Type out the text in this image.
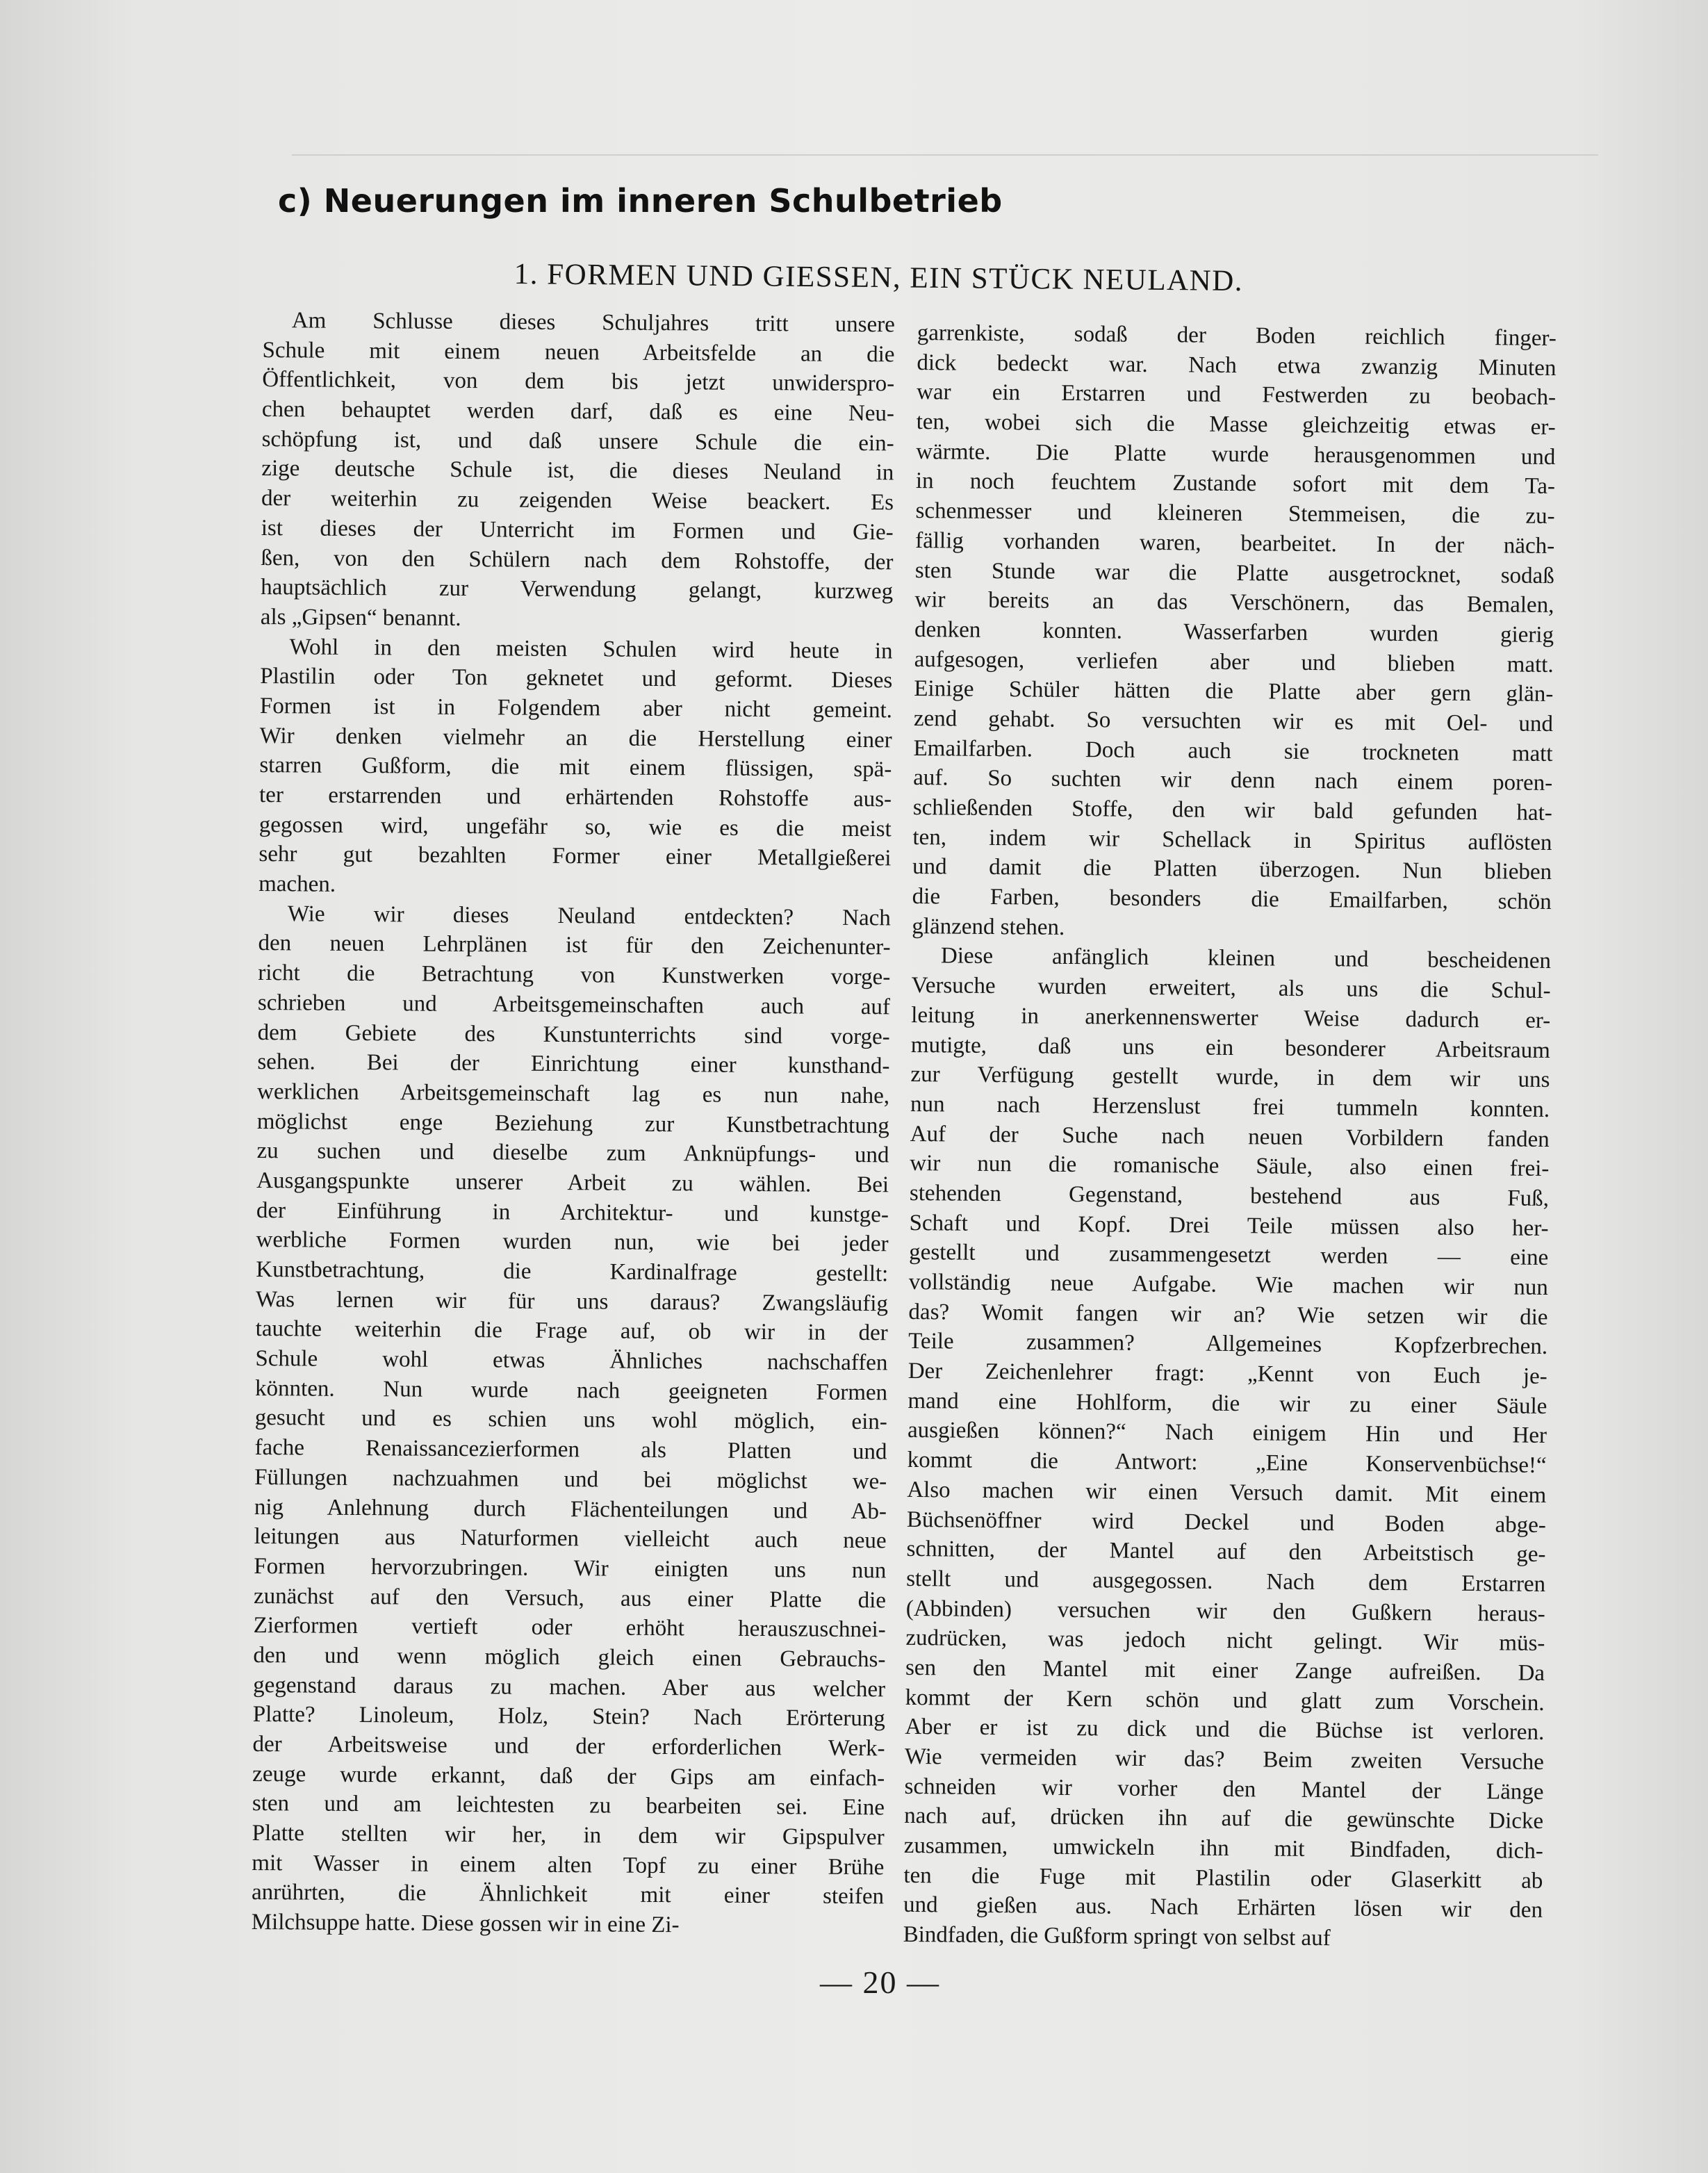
c) Neuerungen im inneren Schulbetrieb
1. FORMEN UND GIESSEN, EIN STÜCK NEULAND.
Am Schlusse dieses Schuljahres tritt unsere
Schule mit einem neuen Arbeitsfelde an die
Öffentlichkeit, von dem bis jetzt unwiderspro-
chen behauptet werden darf, daß es eine Neu-
schöpfung ist, und daß unsere Schule die ein-
zige deutsche Schule ist, die dieses Neuland in
der weiterhin zu zeigenden Weise beackert. Es
ist dieses der Unterricht im Formen und Gie-
ßen, von den Schülern nach dem Rohstoffe, der
hauptsächlich zur Verwendung gelangt, kurzweg
als „Gipsen“ benannt.
Wohl in den meisten Schulen wird heute in
Plastilin oder Ton geknetet und geformt. Dieses
Formen ist in Folgendem aber nicht gemeint.
Wir denken vielmehr an die Herstellung einer
starren Gußform, die mit einem flüssigen, spä-
ter erstarrenden und erhärtenden Rohstoffe aus-
gegossen wird, ungefähr so, wie es die meist
sehr gut bezahlten Former einer Metallgießerei
machen.
Wie wir dieses Neuland entdeckten? Nach
den neuen Lehrplänen ist für den Zeichenunter-
richt die Betrachtung von Kunstwerken vorge-
schrieben und Arbeitsgemeinschaften auch auf
dem Gebiete des Kunstunterrichts sind vorge-
sehen. Bei der Einrichtung einer kunsthand-
werklichen Arbeitsgemeinschaft lag es nun nahe,
möglichst enge Beziehung zur Kunstbetrachtung
zu suchen und dieselbe zum Anknüpfungs- und
Ausgangspunkte unserer Arbeit zu wählen. Bei
der Einführung in Architektur- und kunstge-
werbliche Formen wurden nun, wie bei jeder
Kunstbetrachtung, die Kardinalfrage gestellt:
Was lernen wir für uns daraus? Zwangsläufig
tauchte weiterhin die Frage auf, ob wir in der
Schule wohl etwas Ähnliches nachschaffen
könnten. Nun wurde nach geeigneten Formen
gesucht und es schien uns wohl möglich, ein-
fache Renaissancezierformen als Platten und
Füllungen nachzuahmen und bei möglichst we-
nig Anlehnung durch Flächenteilungen und Ab-
leitungen aus Naturformen vielleicht auch neue
Formen hervorzubringen. Wir einigten uns nun
zunächst auf den Versuch, aus einer Platte die
Zierformen vertieft oder erhöht herauszuschnei-
den und wenn möglich gleich einen Gebrauchs-
gegenstand daraus zu machen. Aber aus welcher
Platte? Linoleum, Holz, Stein? Nach Erörterung
der Arbeitsweise und der erforderlichen Werk-
zeuge wurde erkannt, daß der Gips am einfach-
sten und am leichtesten zu bearbeiten sei. Eine
Platte stellten wir her, in dem wir Gipspulver
mit Wasser in einem alten Topf zu einer Brühe
anrührten, die Ähnlichkeit mit einer steifen
Milchsuppe hatte. Diese gossen wir in eine Zi-
garrenkiste, sodaß der Boden reichlich finger-
dick bedeckt war. Nach etwa zwanzig Minuten
war ein Erstarren und Festwerden zu beobach-
ten, wobei sich die Masse gleichzeitig etwas er-
wärmte. Die Platte wurde herausgenommen und
in noch feuchtem Zustande sofort mit dem Ta-
schenmesser und kleineren Stemmeisen, die zu-
fällig vorhanden waren, bearbeitet. In der näch-
sten Stunde war die Platte ausgetrocknet, sodaß
wir bereits an das Verschönern, das Bemalen,
denken konnten. Wasserfarben wurden gierig
aufgesogen, verliefen aber und blieben matt.
Einige Schüler hätten die Platte aber gern glän-
zend gehabt. So versuchten wir es mit Oel- und
Emailfarben. Doch auch sie trockneten matt
auf. So suchten wir denn nach einem poren-
schließenden Stoffe, den wir bald gefunden hat-
ten, indem wir Schellack in Spiritus auflösten
und damit die Platten überzogen. Nun blieben
die Farben, besonders die Emailfarben, schön
glänzend stehen.
Diese anfänglich kleinen und bescheidenen
Versuche wurden erweitert, als uns die Schul-
leitung in anerkennenswerter Weise dadurch er-
mutigte, daß uns ein besonderer Arbeitsraum
zur Verfügung gestellt wurde, in dem wir uns
nun nach Herzenslust frei tummeln konnten.
Auf der Suche nach neuen Vorbildern fanden
wir nun die romanische Säule, also einen frei-
stehenden Gegenstand, bestehend aus Fuß,
Schaft und Kopf. Drei Teile müssen also her-
gestellt und zusammengesetzt werden — eine
vollständig neue Aufgabe. Wie machen wir nun
das? Womit fangen wir an? Wie setzen wir die
Teile zusammen? Allgemeines Kopfzerbrechen.
Der Zeichenlehrer fragt: „Kennt von Euch je-
mand eine Hohlform, die wir zu einer Säule
ausgießen können?“ Nach einigem Hin und Her
kommt die Antwort: „Eine Konservenbüchse!“
Also machen wir einen Versuch damit. Mit einem
Büchsenöffner wird Deckel und Boden abge-
schnitten, der Mantel auf den Arbeitstisch ge-
stellt und ausgegossen. Nach dem Erstarren
(Abbinden) versuchen wir den Gußkern heraus-
zudrücken, was jedoch nicht gelingt. Wir müs-
sen den Mantel mit einer Zange aufreißen. Da
kommt der Kern schön und glatt zum Vorschein.
Aber er ist zu dick und die Büchse ist verloren.
Wie vermeiden wir das? Beim zweiten Versuche
schneiden wir vorher den Mantel der Länge
nach auf, drücken ihn auf die gewünschte Dicke
zusammen, umwickeln ihn mit Bindfaden, dich-
ten die Fuge mit Plastilin oder Glaserkitt ab
und gießen aus. Nach Erhärten lösen wir den
Bindfaden, die Gußform springt von selbst auf
— 20 —
